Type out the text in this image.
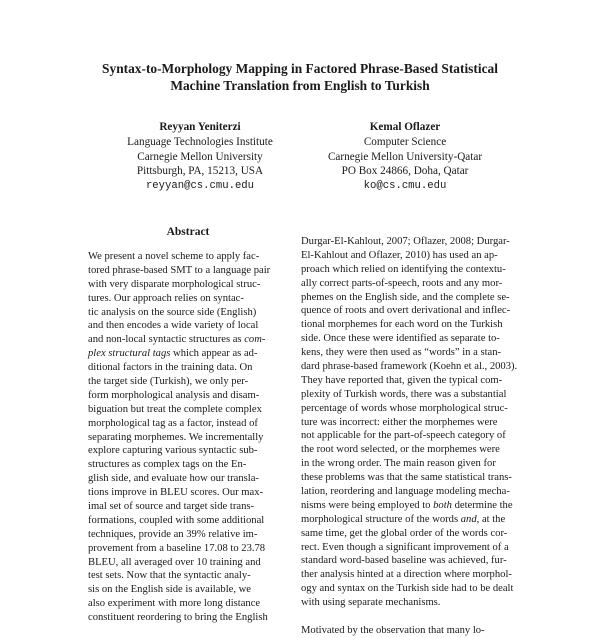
Syntax-to-Morphology Mapping in Factored Phrase-Based Statistical
Machine Translation from English to Turkish
Reyyan Yeniterzi
Language Technologies Institute
Carnegie Mellon University
Pittsburgh, PA, 15213, USA
reyyan@cs.cmu.edu
Kemal Oflazer
Computer Science
Carnegie Mellon University-Qatar
PO Box 24866, Doha, Qatar
ko@cs.cmu.edu
Abstract
We present a novel scheme to apply fac-
tored phrase-based SMT to a language pair
with very disparate morphological struc-
tures. Our approach relies on syntac-
tic analysis on the source side (English)
and then encodes a wide variety of local
and non-local syntactic structures as com-
plex structural tags which appear as ad-
ditional factors in the training data. On
the target side (Turkish), we only per-
form morphological analysis and disam-
biguation but treat the complete complex
morphological tag as a factor, instead of
separating morphemes. We incrementally
explore capturing various syntactic sub-
structures as complex tags on the En-
glish side, and evaluate how our transla-
tions improve in BLEU scores. Our max-
imal set of source and target side trans-
formations, coupled with some additional
techniques, provide an 39% relative im-
provement from a baseline 17.08 to 23.78
BLEU, all averaged over 10 training and
test sets. Now that the syntactic analy-
sis on the English side is available, we
also experiment with more long distance
constituent reordering to bring the English
Durgar-El-Kahlout, 2007; Oflazer, 2008; Durgar-
El-Kahlout and Oflazer, 2010) has used an ap-
proach which relied on identifying the contextu-
ally correct parts-of-speech, roots and any mor-
phemes on the English side, and the complete se-
quence of roots and overt derivational and inflec-
tional morphemes for each word on the Turkish
side. Once these were identified as separate to-
kens, they were then used as “words” in a stan-
dard phrase-based framework (Koehn et al., 2003).
They have reported that, given the typical com-
plexity of Turkish words, there was a substantial
percentage of words whose morphological struc-
ture was incorrect: either the morphemes were
not applicable for the part-of-speech category of
the root word selected, or the morphemes were
in the wrong order. The main reason given for
these problems was that the same statistical trans-
lation, reordering and language modeling mecha-
nisms were being employed to both determine the
morphological structure of the words and, at the
same time, get the global order of the words cor-
rect. Even though a significant improvement of a
standard word-based baseline was achieved, fur-
ther analysis hinted at a direction where morphol-
ogy and syntax on the Turkish side had to be dealt
with using separate mechanisms.
Motivated by the observation that many lo-
